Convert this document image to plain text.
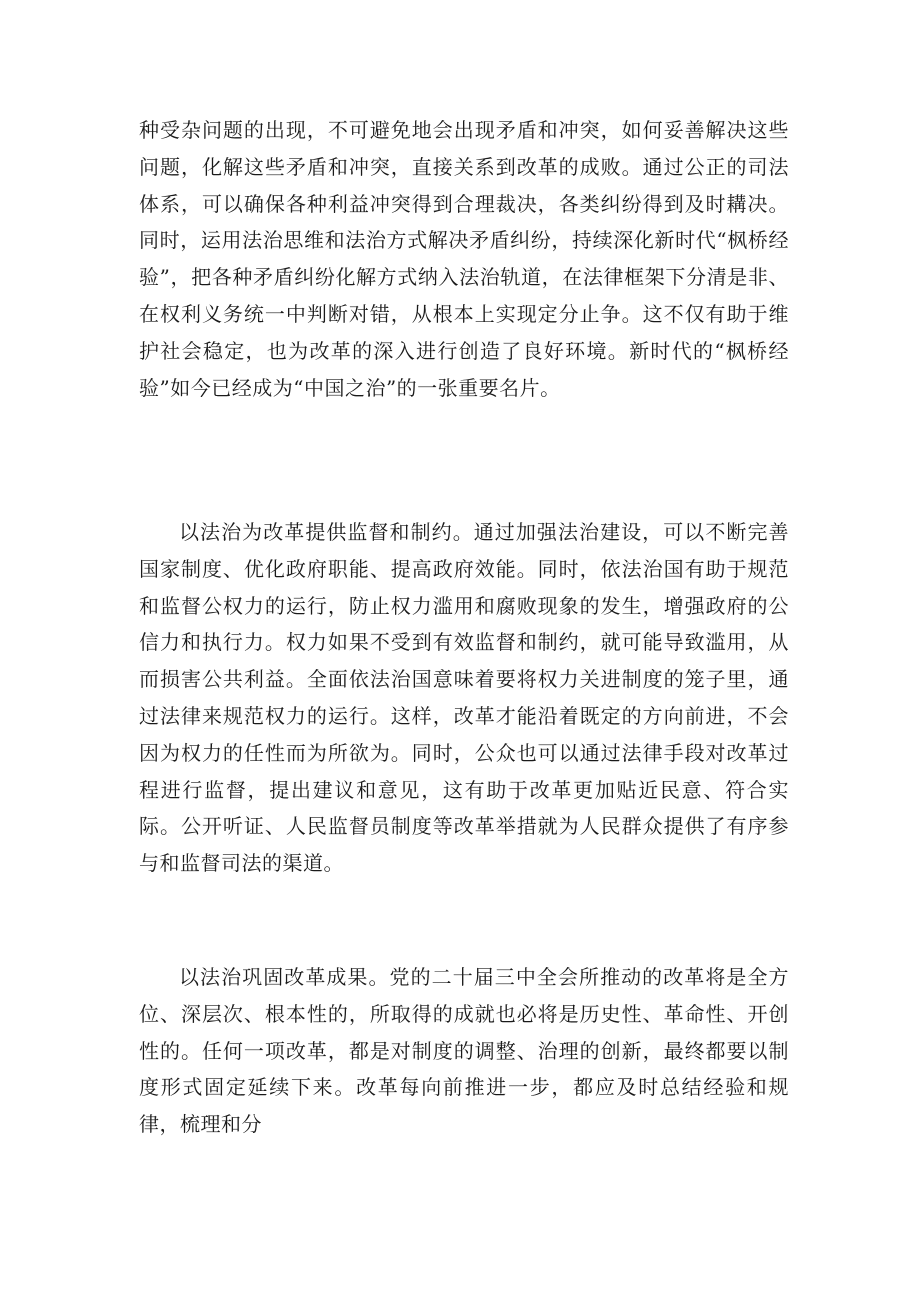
种受杂问题的出现，不可避免地会出现矛盾和冲突，如何妥善解决这些问题，化解这些矛盾和冲突，直接关系到改革的成败。通过公正的司法体系，可以确保各种利益冲突得到合理裁决，各类纠纷得到及时耩决。同时，运用法治思维和法治方式解决矛盾纠纷，持续深化新时代“枫桥经验”，把各种矛盾纠纷化解方式纳入法治轨道，在法律框架下分清是非、在权利义务统一中判断对错，从根本上实现定分止争。这不仅有助于维护社会稳定，也为改革的深入进行创造了良好环境。新时代的“枫桥经验”如今已经成为“中国之治”的一张重要名片。

以法治为改革提供监督和制约。通过加强法治建设，可以不断完善国家制度、优化政府职能、提高政府效能。同时，依法治国有助于规范和监督公权力的运行，防止权力滥用和腐败现象的发生，增强政府的公信力和执行力。权力如果不受到有效监督和制约，就可能导致滥用，从而损害公共利益。全面依法治国意味着要将权力关进制度的笼子里，通过法律来规范权力的运行。这样，改革才能沿着既定的方向前进，不会因为权力的任性而为所欲为。同时，公众也可以通过法律手段对改革过程进行监督，提出建议和意见，这有助于改革更加贴近民意、符合实际。公开听证、人民监督员制度等改革举措就为人民群众提供了有序参与和监督司法的渠道。

以法治巩固改革成果。党的二十届三中全会所推动的改革将是全方位、深层次、根本性的，所取得的成就也必将是历史性、革命性、开创性的。任何一项改革，都是对制度的调整、治理的创新，最终都要以制度形式固定延续下来。改革每向前推进一步，都应及时总结经验和规律，梳理和分
